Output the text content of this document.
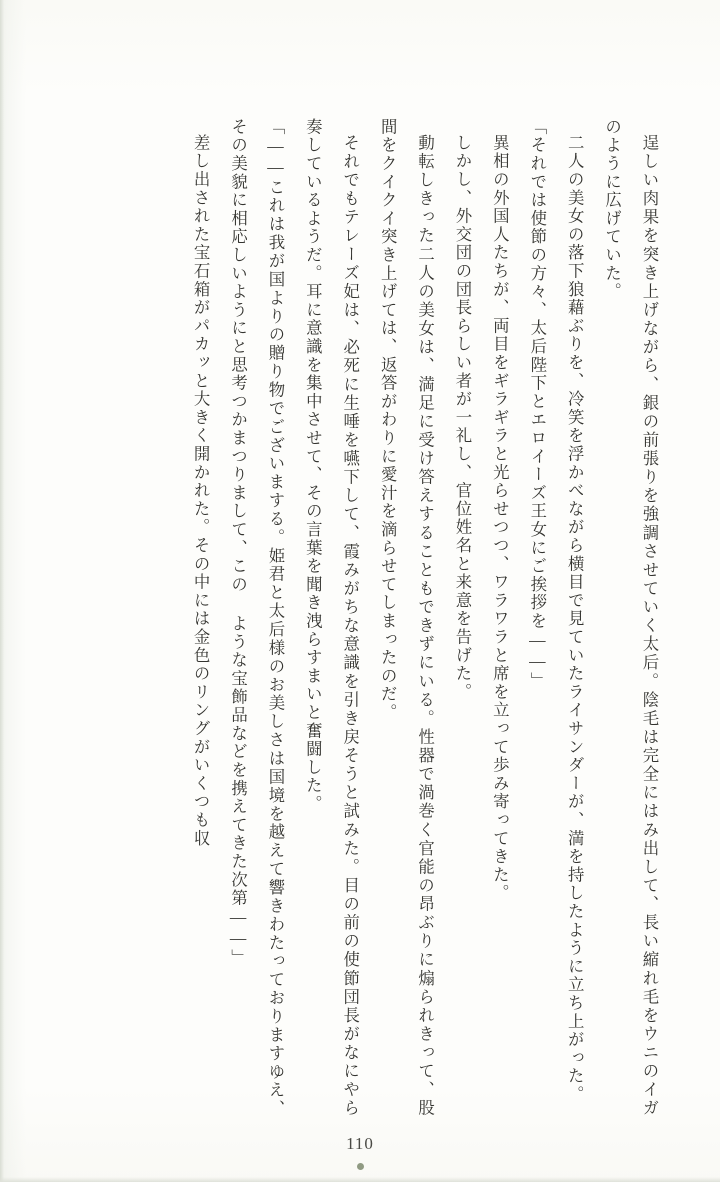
逞しい肉果を突き上げながら、銀の前張りを強調させていく太后。陰毛は完全にはみ出して、長い縮れ毛をウニのイガのように広げていた。

二人の美女の落下狼藉ぶりを、冷笑を浮かべながら横目で見ていたライサンダーが、満を持したように立ち上がった。

「それでは使節の方々、太后陛下とエロイーズ王女にご挨拶を――」

異相の外国人たちが、両目をギラギラと光らせつつ、ワラワラと席を立って歩み寄ってきた。

しかし、外交団の団長らしい者が一礼し、官位姓名と来意を告げた。

動転しきった二人の美女は、満足に受け答えすることもできずにいる。性器で渦巻く官能の昂ぶりに煽られきって、股間をクイクイ突き上げては、返答がわりに愛汁を滴らせてしまったのだ。

それでもテレーズ妃は、必死に生唾を嚥下して、霞みがちな意識を引き戻そうと試みた。目の前の使節団長がなにやら奏しているようだ。耳に意識を集中させて、その言葉を聞き洩らすまいと奮闘した。

「――これは我が国よりの贈り物でございまする。姫君と太后様のお美しさは国境を越えて響きわたっておりますゆえ、その美貌に相応しいようにと思考つかまつりまして、この ような宝飾品などを携えてきた次第――」

差し出された宝石箱がパカッと大きく開かれた。その中には金色のリングがいくつも収

110
